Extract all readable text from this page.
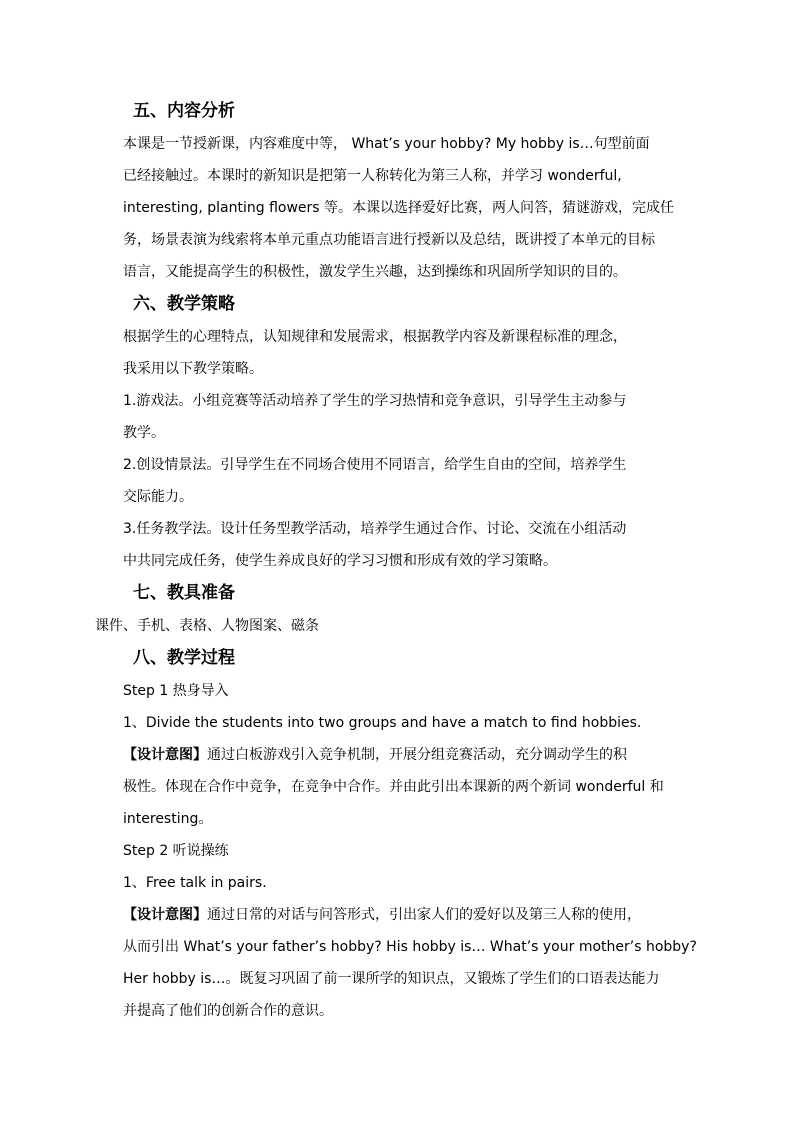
五、内容分析

本课是一节授新课，内容难度中等， What’s your hobby? My hobby is…句型前面
已经接触过。本课时的新知识是把第一人称转化为第三人称，并学习 wonderful,
interesting, planting flowers 等。本课以选择爱好比赛，两人问答，猜谜游戏，完成任
务，场景表演为线索将本单元重点功能语言进行授新以及总结，既讲授了本单元的目标
语言，又能提高学生的积极性，激发学生兴趣，达到操练和巩固所学知识的目的。

六、教学策略

根据学生的心理特点，认知规律和发展需求，根据教学内容及新课程标准的理念，
我采用以下教学策略。

1.游戏法。小组竞赛等活动培养了学生的学习热情和竞争意识，引导学生主动参与
教学。

2.创设情景法。引导学生在不同场合使用不同语言，给学生自由的空间，培养学生
交际能力。

3.任务教学法。设计任务型教学活动，培养学生通过合作、讨论、交流在小组活动
中共同完成任务，使学生养成良好的学习习惯和形成有效的学习策略。

七、教具准备

课件、手机、表格、人物图案、磁条

八、教学过程

Step 1 热身导入

1、Divide the students into two groups and have a match to find hobbies.

【设计意图】通过白板游戏引入竞争机制，开展分组竞赛活动，充分调动学生的积
极性。体现在合作中竞争，在竞争中合作。并由此引出本课新的两个新词 wonderful 和
interesting。

Step 2 听说操练

1、Free talk in pairs.

【设计意图】通过日常的对话与问答形式，引出家人们的爱好以及第三人称的使用，
从而引出 What’s your father’s hobby? His hobby is… What’s your mother’s hobby?
Her hobby is…。既复习巩固了前一课所学的知识点，又锻炼了学生们的口语表达能力
并提高了他们的创新合作的意识。
